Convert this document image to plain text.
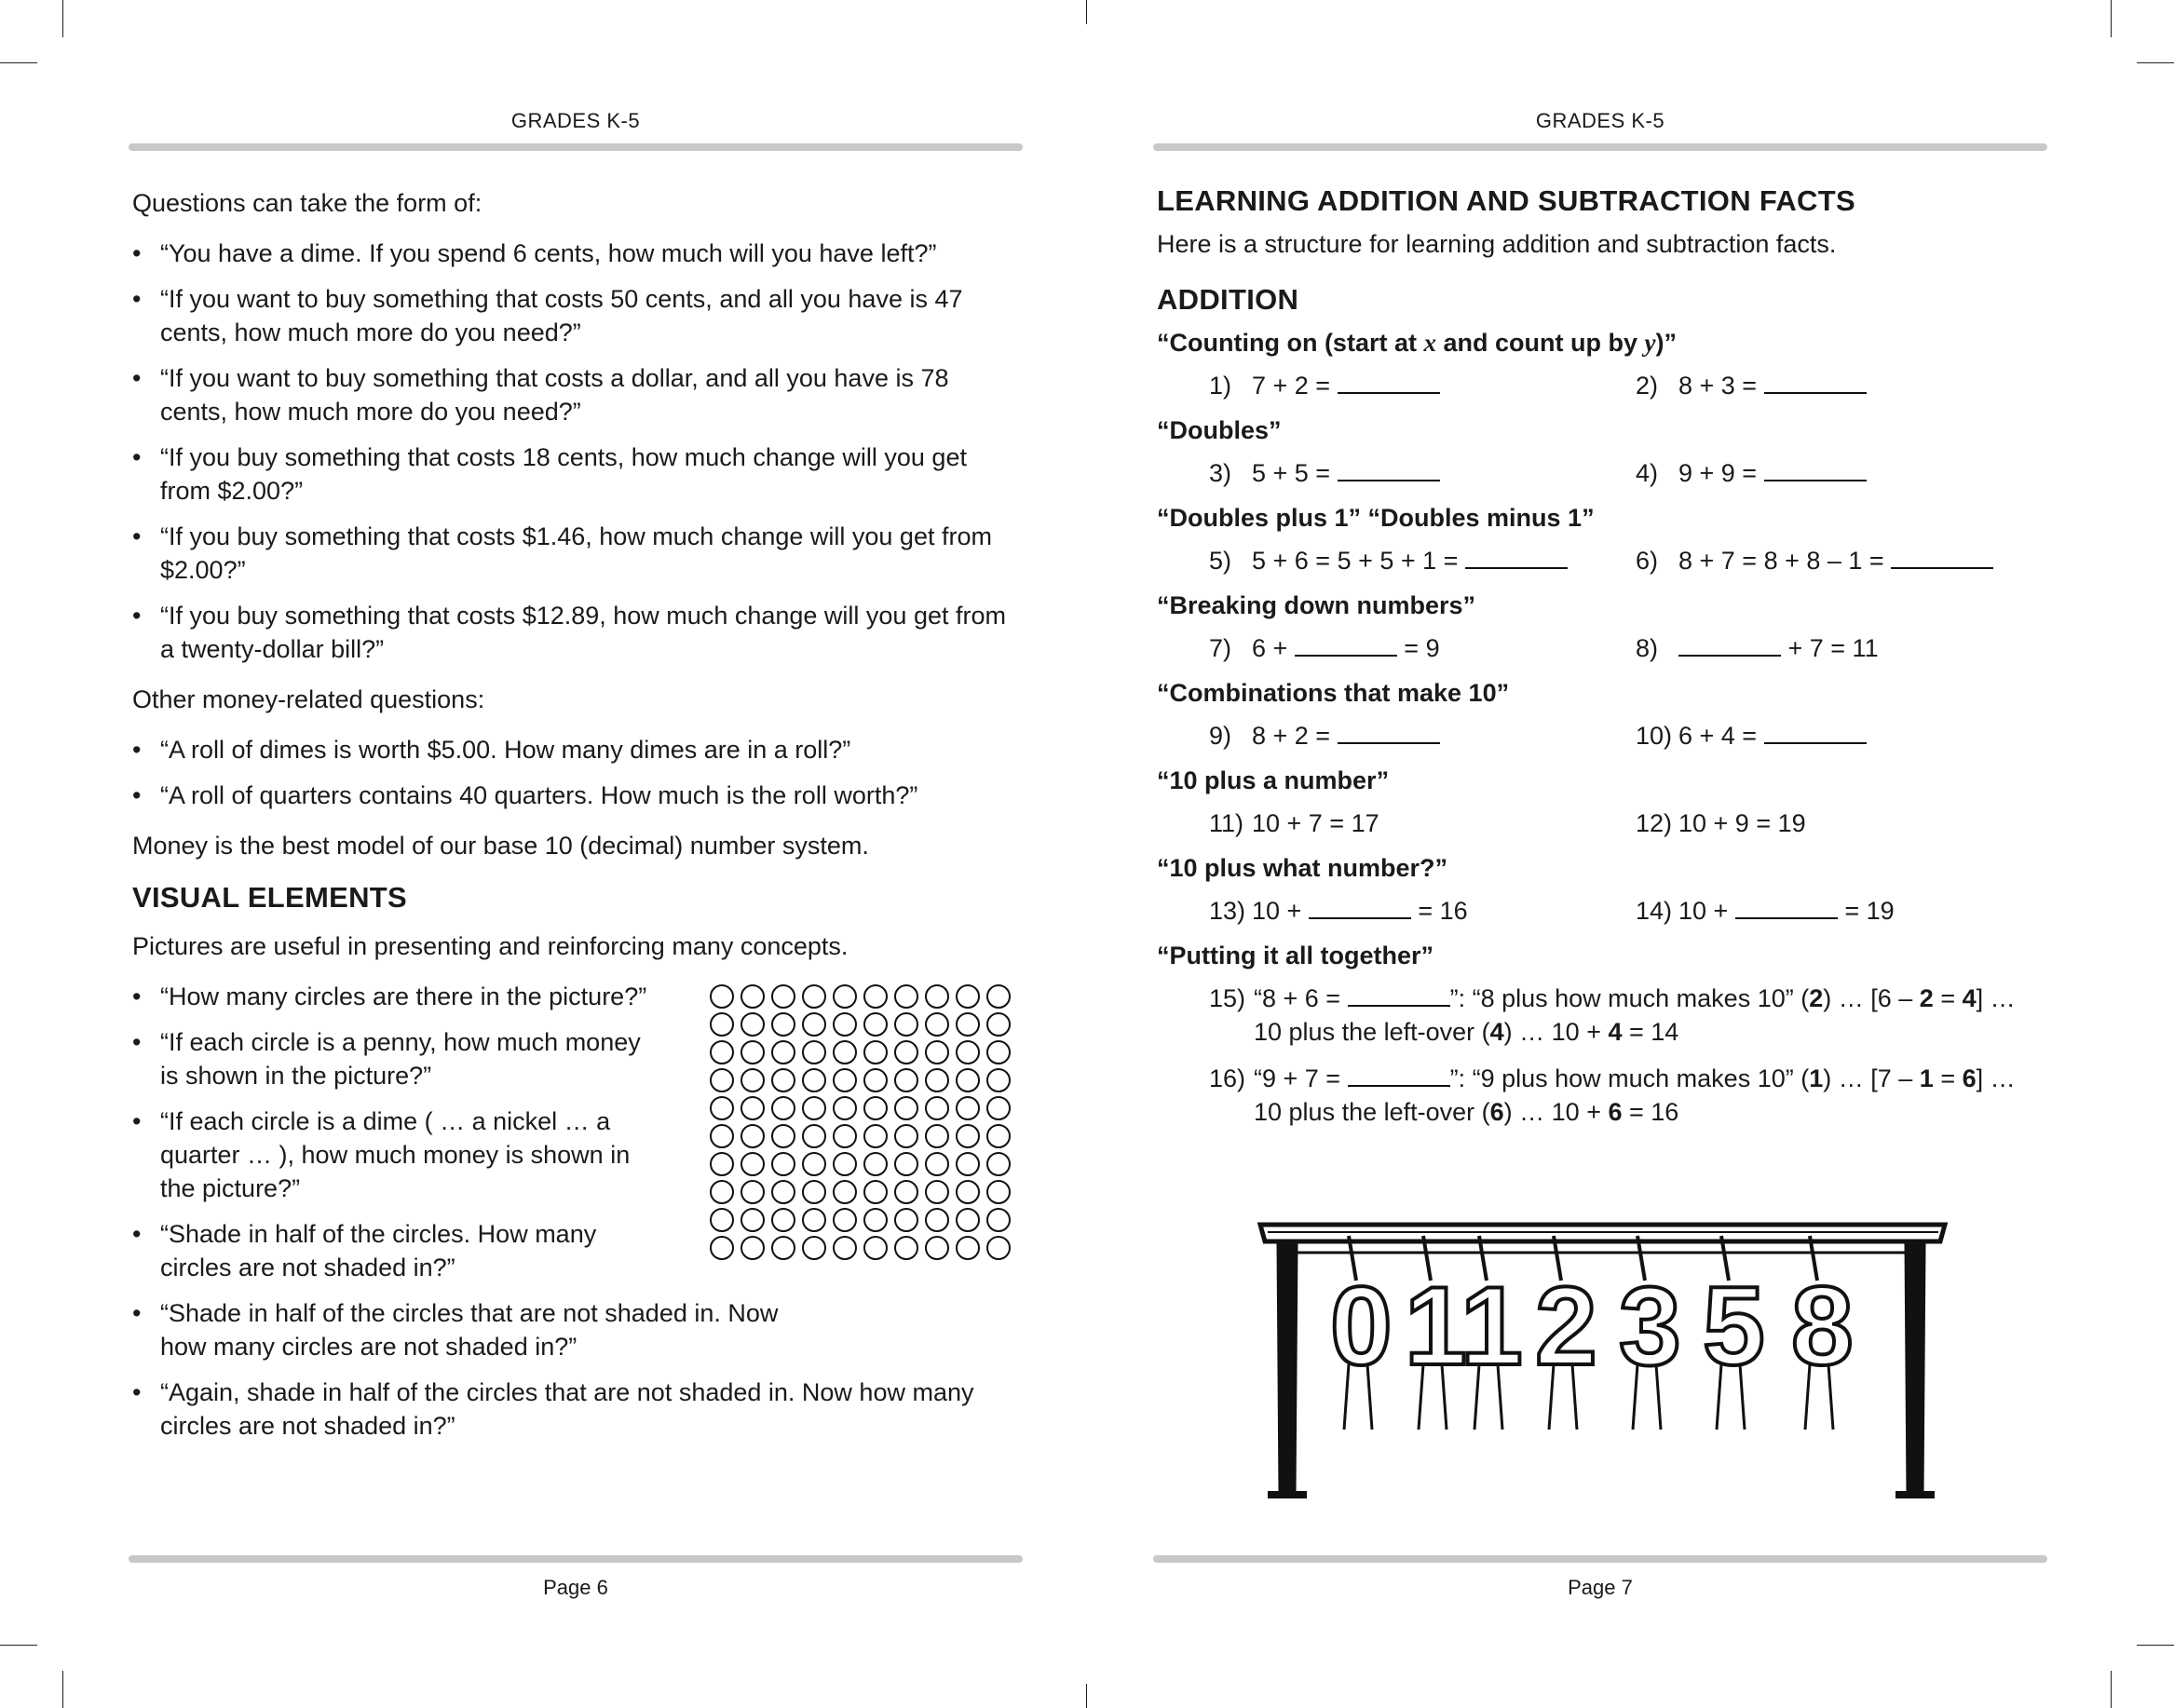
GRADES K-5

Questions can take the form of:

• “You have a dime. If you spend 6 cents, how much will you have left?”
• “If you want to buy something that costs 50 cents, and all you have is 47 cents, how much more do you need?”
• “If you want to buy something that costs a dollar, and all you have is 78 cents, how much more do you need?”
• “If you buy something that costs 18 cents, how much change will you get from $2.00?”
• “If you buy something that costs $1.46, how much change will you get from $2.00?”
• “If you buy something that costs $12.89, how much change will you get from a twenty-dollar bill?”

Other money-related questions:

• “A roll of dimes is worth $5.00. How many dimes are in a roll?”
• “A roll of quarters contains 40 quarters. How much is the roll worth?”

Money is the best model of our base 10 (decimal) number system.

VISUAL ELEMENTS

Pictures are useful in presenting and reinforcing many concepts.

• “How many circles are there in the picture?”
• “If each circle is a penny, how much money is shown in the picture?”
• “If each circle is a dime ( … a nickel … a quarter … ), how much money is shown in the picture?”
• “Shade in half of the circles. How many circles are not shaded in?”
• “Shade in half of the circles that are not shaded in. Now how many circles are not shaded in?”
• “Again, shade in half of the circles that are not shaded in. Now how many circles are not shaded in?”
Page 6
GRADES K-5
LEARNING ADDITION AND SUBTRACTION FACTS

Here is a structure for learning addition and subtraction facts.

ADDITION
“Counting on (start at x and count up by y)”
1) 7 + 2 =	2) 8 + 3 =
“Doubles”
3) 5 + 5 =	4) 9 + 9 =
“Doubles plus 1” “Doubles minus 1”
5) 5 + 6 = 5 + 5 + 1 =	6) 8 + 7 = 8 + 8 – 1 =
“Breaking down numbers”
7) 6 +	= 9	8)	+ 7 = 11
“Combinations that make 10”
9) 8 + 2 =	10) 6 + 4 =
“10 plus a number”
11) 10 + 7 = 17	12) 10 + 9 = 19
“10 plus what number?”
13) 10 +	= 16	14) 10 +	= 19
“Putting it all together”
15) “8 + 6 =	”: “8 plus how much makes 10” (2) … [6 – 2 = 4] …
10 plus the left-over (4) … 10 + 4 = 14
16) “9 + 7 =	”: “9 plus how much makes 10” (1) … [7 – 1 = 6] …
10 plus the left-over (6) … 10 + 6 = 16
0 1
1 2 3 5 8
Page 7
